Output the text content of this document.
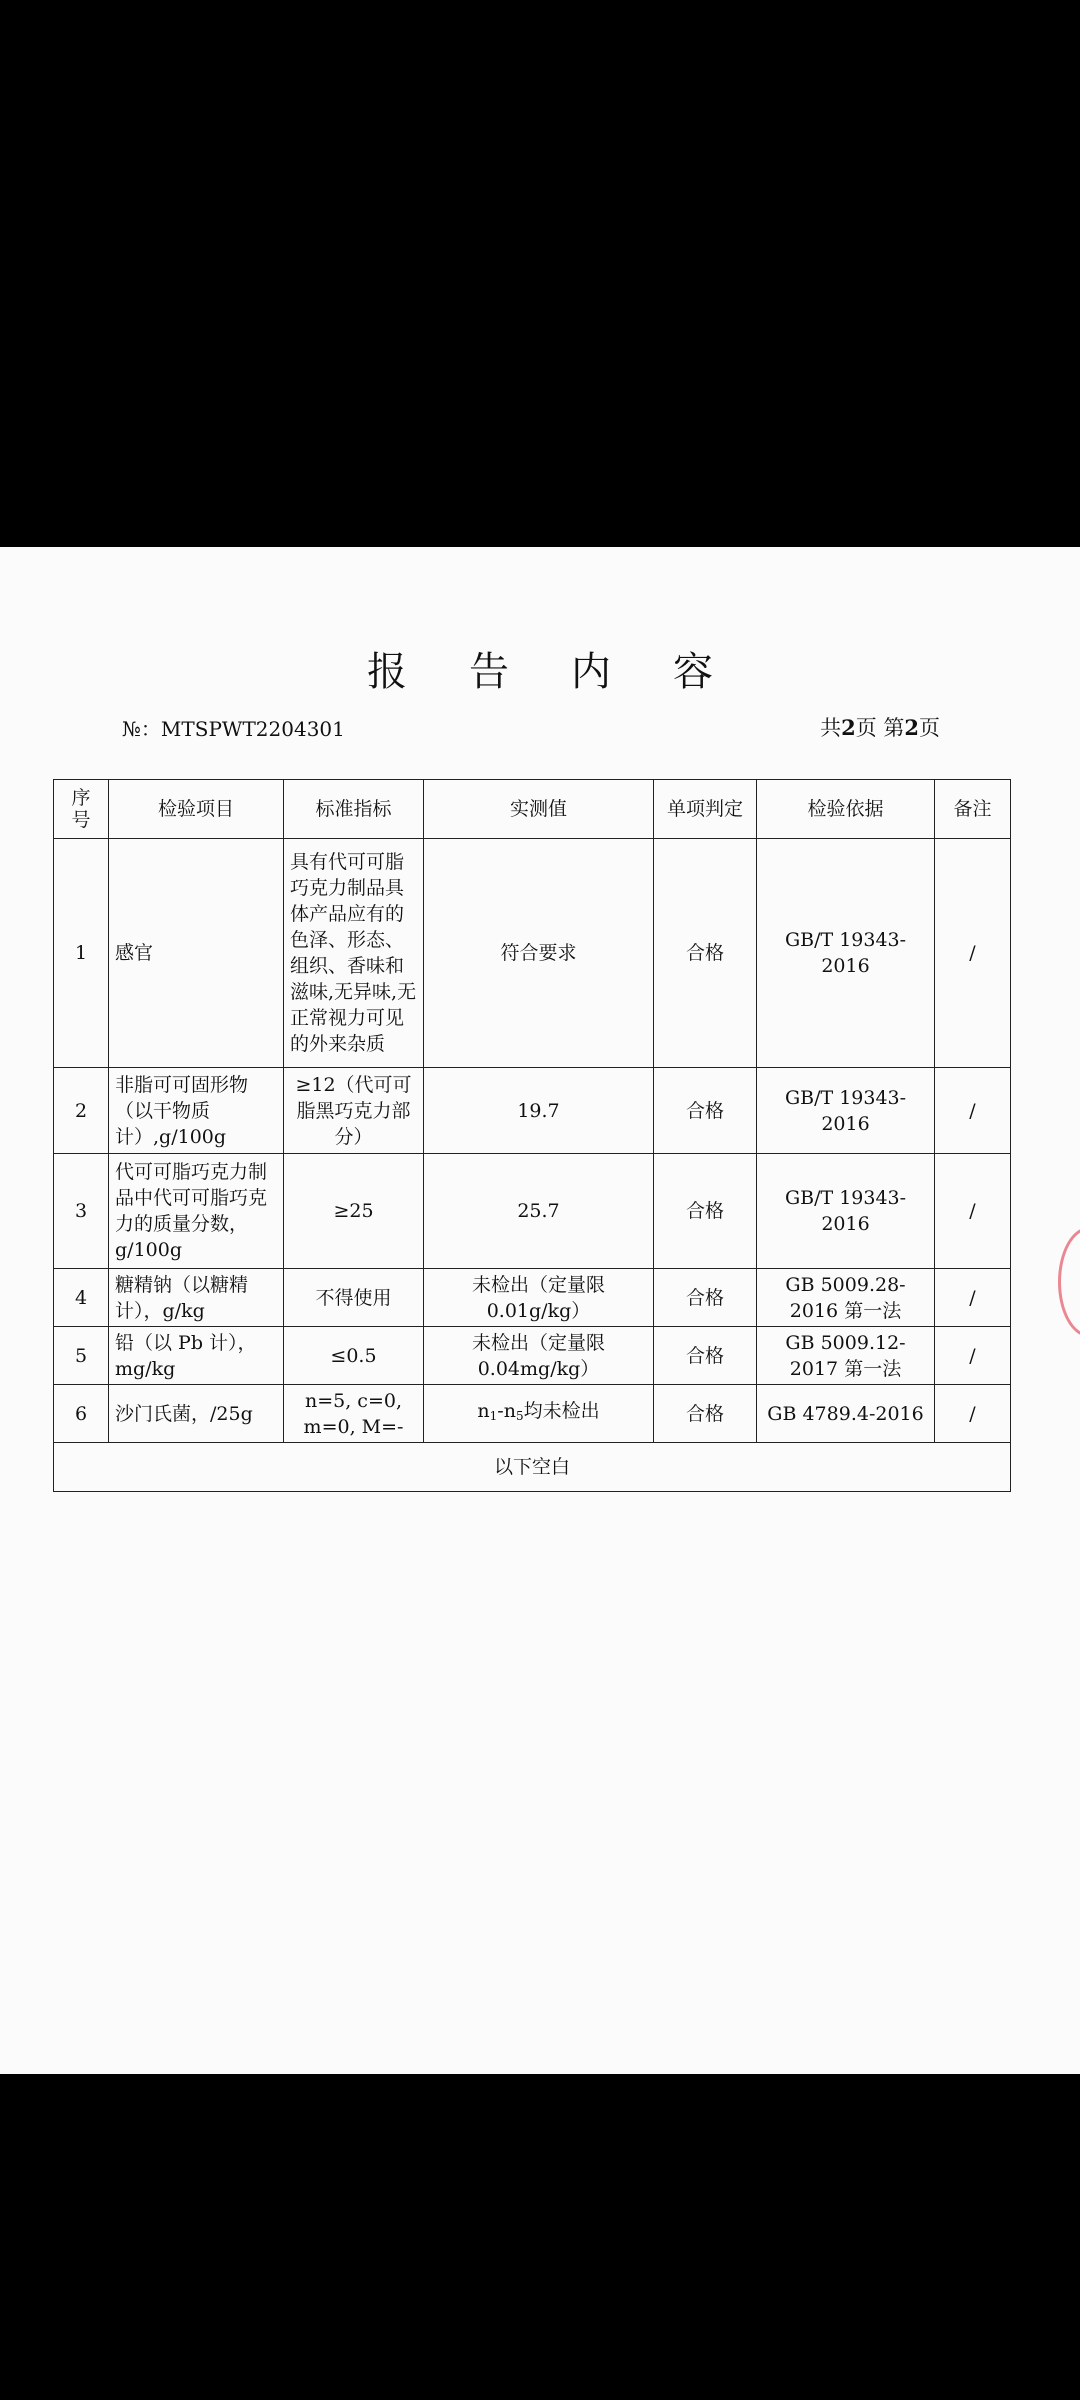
报告内容
№：MTSPWT2204301	共2页 第2页
序号	检验项目	标准指标	实测值	单项判定	检验依据	备注
1	感官	具有代可可脂巧克力制品具体产品应有的色泽、形态、组织、香味和滋味,无异味,无正常视力可见的外来杂质	符合要求	合格	GB/T 19343-2016	/
2	非脂可可固形物（以干物质计）,g/100g	≥12（代可可脂黑巧克力部分）	19.7	合格	GB/T 19343-2016	/
3	代可可脂巧克力制品中代可可脂巧克力的质量分数，g/100g	≥25	25.7	合格	GB/T 19343-2016	/
4	糖精钠（以糖精计），g/kg	不得使用	未检出（定量限 0.01g/kg）	合格	GB 5009.28-2016 第一法	/
5	铅（以 Pb 计），mg/kg	≤0.5	未检出（定量限 0.04mg/kg）	合格	GB 5009.12-2017 第一法	/
6	沙门氏菌，/25g	n=5, c=0, m=0, M=-	$n_1-n_5$均未检出	合格	GB 4789.4-2016	/
以下空白						
